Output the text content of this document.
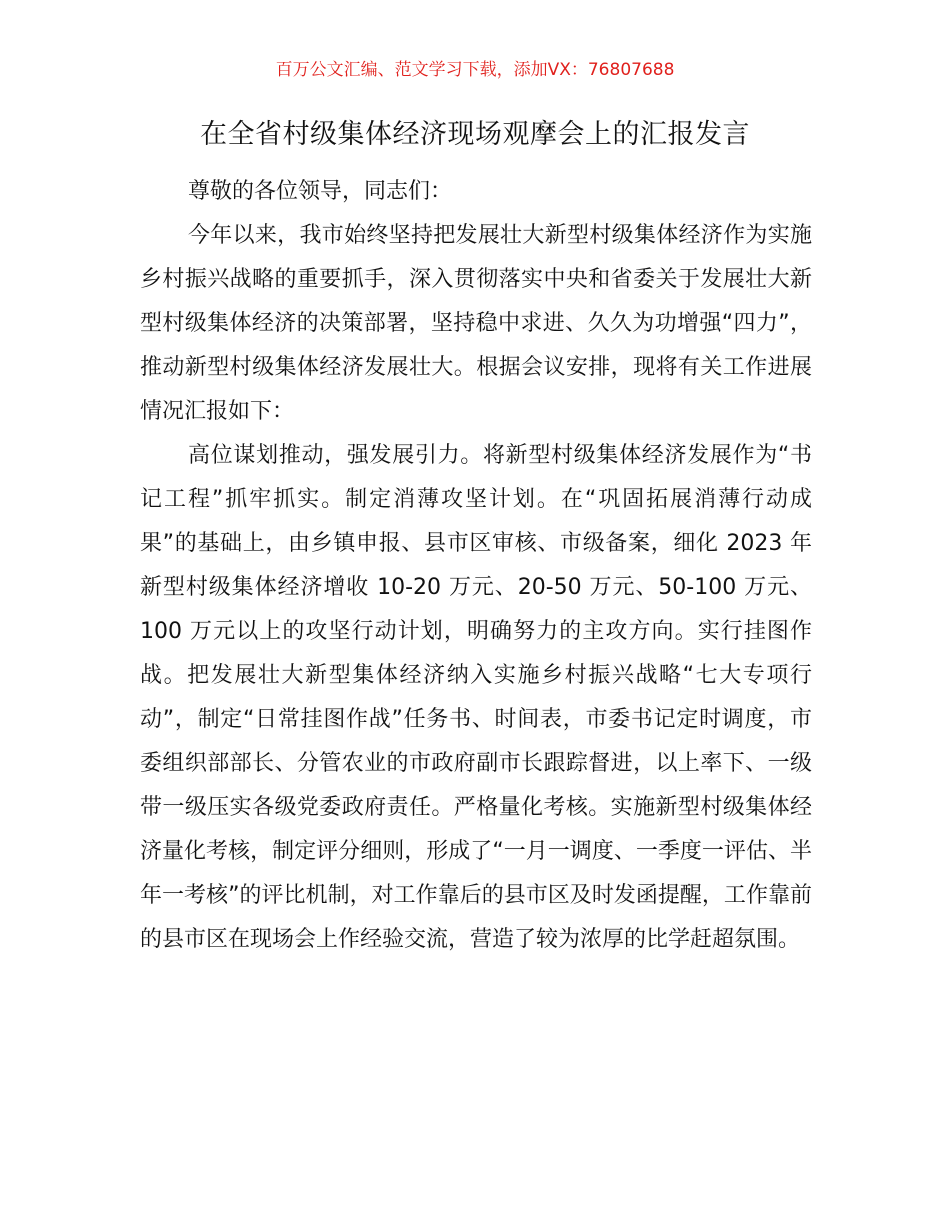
百万公文汇编、范文学习下载，添加VX：76807688
在全省村级集体经济现场观摩会上的汇报发言

尊敬的各位领导，同志们：

今年以来，我市始终坚持把发展壮大新型村级集体经济作为实施乡村振兴战略的重要抓手，深入贯彻落实中央和省委关于发展壮大新型村级集体经济的决策部署，坚持稳中求进、久久为功增强“四力”，推动新型村级集体经济发展壮大。根据会议安排，现将有关工作进展情况汇报如下：

高位谋划推动，强发展引力。将新型村级集体经济发展作为“书记工程”抓牢抓实。制定消薄攻坚计划。在“巩固拓展消薄行动成果”的基础上，由乡镇申报、县市区审核、市级备案，细化 2023 年新型村级集体经济增收 10-20 万元、20-50 万元、50-100 万元、100 万元以上的攻坚行动计划，明确努力的主攻方向。实行挂图作战。把发展壮大新型集体经济纳入实施乡村振兴战略“七大专项行动”，制定“日常挂图作战”任务书、时间表，市委书记定时调度，市委组织部部长、分管农业的市政府副市长跟踪督进，以上率下、一级带一级压实各级党委政府责任。严格量化考核。实施新型村级集体经济量化考核，制定评分细则，形成了“一月一调度、一季度一评估、半年一考核”的评比机制，对工作靠后的县市区及时发函提醒，工作靠前的县市区在现场会上作经验交流，营造了较为浓厚的比学赶超氛围。
